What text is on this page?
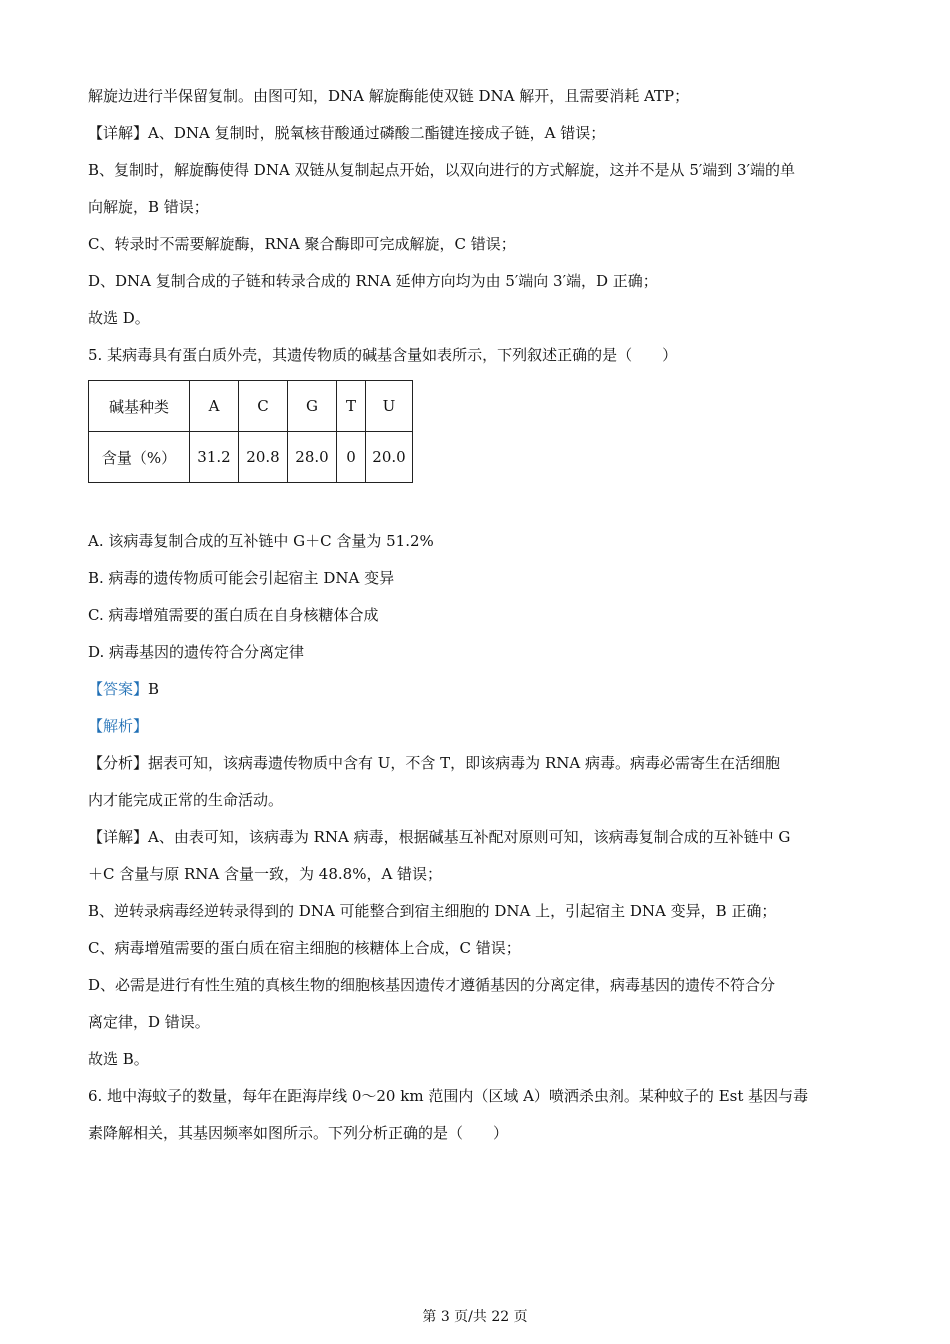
解旋边进行半保留复制。由图可知，DNA 解旋酶能使双链 DNA 解开，且需要消耗 ATP；
【详解】A、DNA 复制时，脱氧核苷酸通过磷酸二酯键连接成子链，A 错误；
B、复制时，解旋酶使得 DNA 双链从复制起点开始，以双向进行的方式解旋，这并不是从 5′端到 3′端的单
向解旋，B 错误；
C、转录时不需要解旋酶，RNA 聚合酶即可完成解旋，C 错误；
D、DNA 复制合成的子链和转录合成的 RNA 延伸方向均为由 5′端向 3′端，D 正确；
故选 D。
5. 某病毒具有蛋白质外壳，其遗传物质的碱基含量如表所示，下列叙述正确的是（　　）
碱基种类	A	C	G	T	U
含量（%）	31.2	20.8	28.0	0	20.0
A. 该病毒复制合成的互补链中 G＋C 含量为 51.2%
B. 病毒的遗传物质可能会引起宿主 DNA 变异
C. 病毒增殖需要的蛋白质在自身核糖体合成
D. 病毒基因的遗传符合分离定律
【答案】B
【解析】
【分析】据表可知，该病毒遗传物质中含有 U，不含 T，即该病毒为 RNA 病毒。病毒必需寄生在活细胞
内才能完成正常的生命活动。
【详解】A、由表可知，该病毒为 RNA 病毒，根据碱基互补配对原则可知，该病毒复制合成的互补链中 G
＋C 含量与原 RNA 含量一致，为 48.8%，A 错误；
B、逆转录病毒经逆转录得到的 DNA 可能整合到宿主细胞的 DNA 上，引起宿主 DNA 变异，B 正确；
C、病毒增殖需要的蛋白质在宿主细胞的核糖体上合成，C 错误；
D、必需是进行有性生殖的真核生物的细胞核基因遗传才遵循基因的分离定律，病毒基因的遗传不符合分
离定律，D 错误。
故选 B。
6. 地中海蚊子的数量，每年在距海岸线 0～20 km 范围内（区域 A）喷洒杀虫剂。某种蚊子的 Est 基因与毒
素降解相关，其基因频率如图所示。下列分析正确的是（　　）
第 3 页/共 22 页
